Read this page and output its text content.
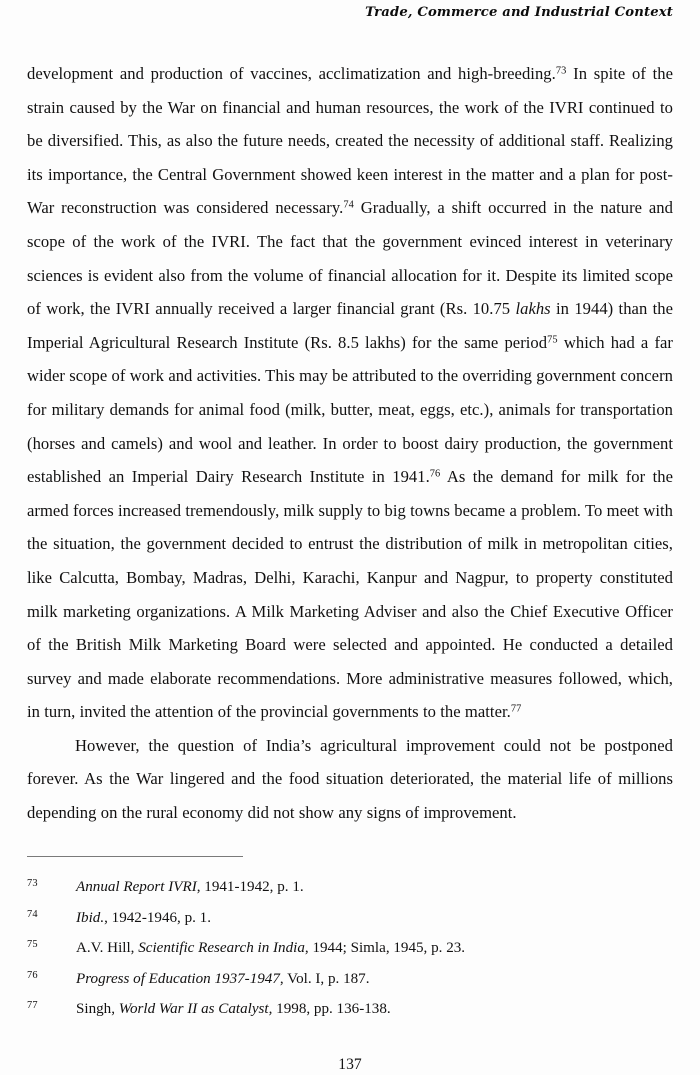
Trade, Commerce and Industrial Context

development and production of vaccines, acclimatization and high-breeding.$^{73}$ In spite of the strain caused by the War on financial and human resources, the work of the IVRI continued to be diversified. This, as also the future needs, created the necessity of additional staff. Realizing its importance, the Central Government showed keen interest in the matter and a plan for post-War reconstruction was considered necessary.$^{74}$ Gradually, a shift occurred in the nature and scope of the work of the IVRI. The fact that the government evinced interest in veterinary sciences is evident also from the volume of financial allocation for it. Despite its limited scope of work, the IVRI annually received a larger financial grant (Rs. 10.75 lakhs in 1944) than the Imperial Agricultural Research Institute (Rs. 8.5 lakhs) for the same period$^{75}$ which had a far wider scope of work and activities. This may be attributed to the overriding government concern for military demands for animal food (milk, butter, meat, eggs, etc.), animals for transportation (horses and camels) and wool and leather. In order to boost dairy production, the government established an Imperial Dairy Research Institute in 1941.76 As the demand for milk for the armed forces increased tremendously, milk supply to big towns became a problem. To meet with the situation, the government decided to entrust the distribution of milk in metropolitan cities, like Calcutta, Bombay, Madras, Delhi, Karachi, Kanpur and Nagpur, to property constituted milk marketing organizations. A Milk Marketing Adviser and also the Chief Executive Officer of the British Milk Marketing Board were selected and appointed. He conducted a detailed survey and made elaborate recommendations. More administrative measures followed, which, in turn, invited the attention of the provincial governments to the matter.$^{77}$

However, the question of India’s agricultural improvement could not be postponed forever. As the War lingered and the food situation deteriorated, the material life of millions depending on the rural economy did not show any signs of improvement.

73	Annual Report IVRI, 1941-1942, p. 1.
74	Ibid., 1942-1946, p. 1.
75	A.V. Hill, Scientific Research in India, 1944; Simla, 1945, p. 23.
76	Progress of Education 1937-1947, Vol. I, p. 187.
77	Singh, World War II as Catalyst, 1998, pp. 136-138.
137
